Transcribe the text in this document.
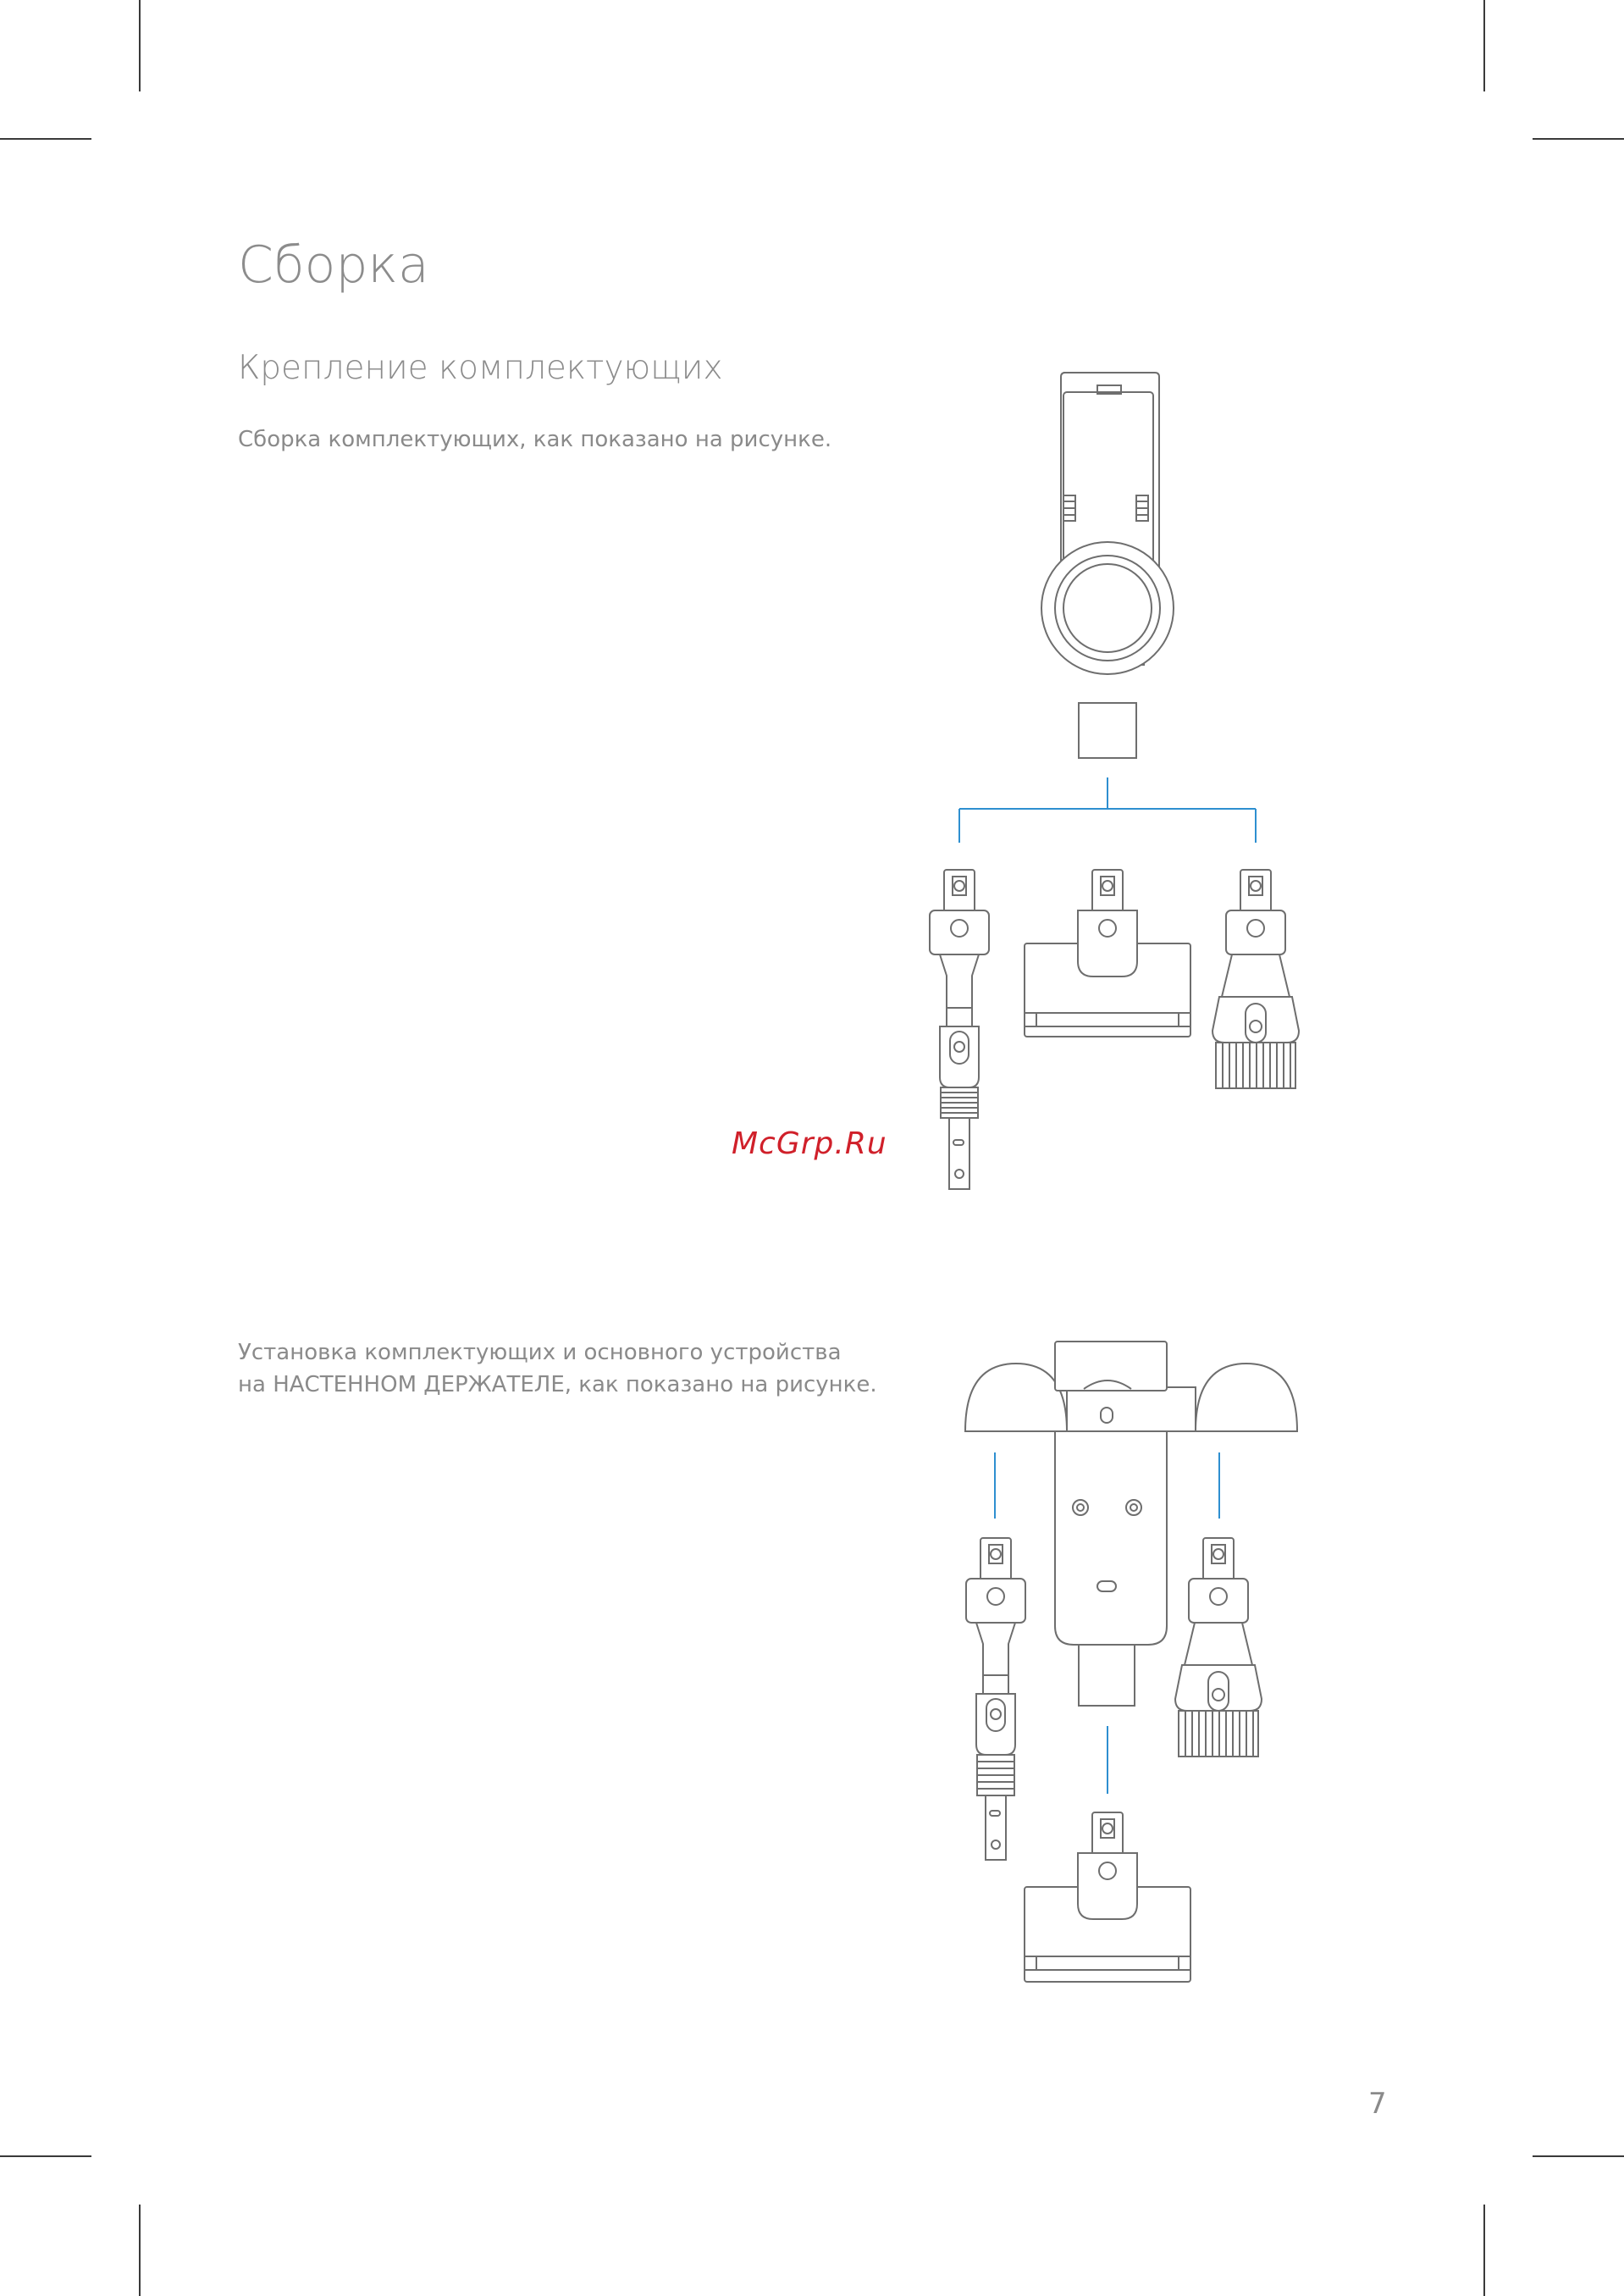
Сборка
Крепление комплектующих

Сборка комплектующих, как показано на рисунке.

Установка комплектующих и основного устройства

на НАСТЕННОМ ДЕРЖАТЕЛЕ, как показано на рисунке.

McGrp.Ru
7
